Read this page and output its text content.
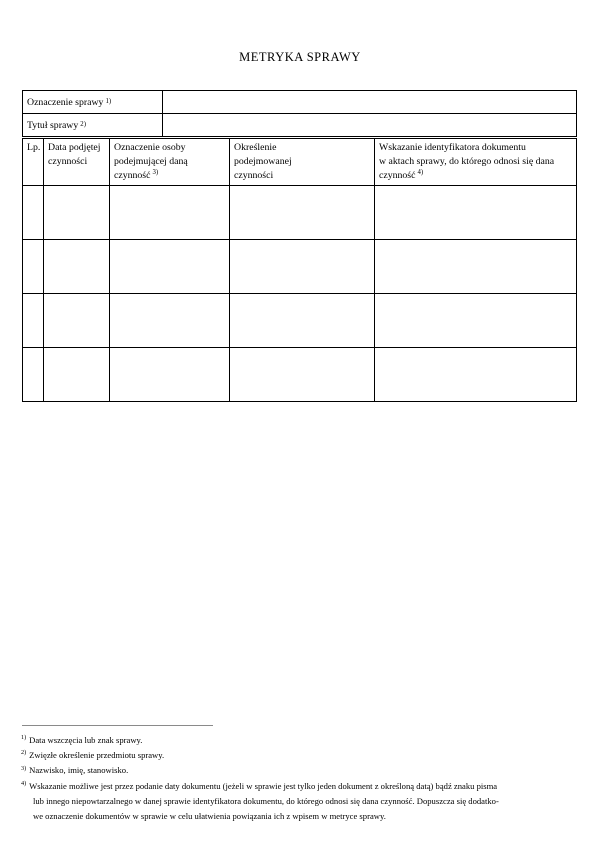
METRYKA SPRAWY
Oznaczenie sprawy 1)
Tytuł sprawy 2)
Lp. Data podjętej
czynności
Oznaczenie osoby
podejmującej daną
czynność $^{3)}$
Określenie
podejmowanej
czynności
Wskazanie identyfikatora dokumentu
w aktach sprawy, do którego odnosi się dana
czynność $^{4)}$
$^{1)}$ Data wszczęcia lub znak sprawy.
$^{2)}$ Zwięzłe określenie przedmiotu sprawy.
$^{3)}$ Nazwisko, imię, stanowisko.
$^{4)}$ Wskazanie możliwe jest przez podanie daty dokumentu (jeżeli w sprawie jest tylko jeden dokument z określoną datą) bądź znaku pisma
lub innego niepowtarzalnego w danej sprawie identyfikatora dokumentu, do którego odnosi się dana czynność. Dopuszcza się dodatko-
we oznaczenie dokumentów w sprawie w celu ułatwienia powiązania ich z wpisem w metryce sprawy.
